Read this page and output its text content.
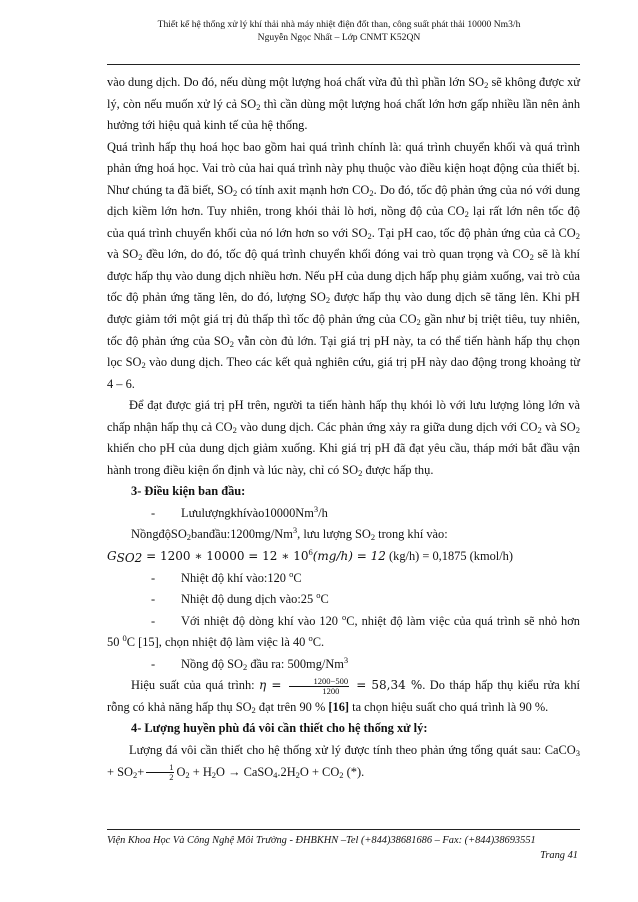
Thiết kế hệ thống xử lý khí thải nhà máy nhiệt điện đốt than, công suất phát thải 10000 Nm3/h
Nguyễn Ngọc Nhất – Lớp CNMT K52QN

vào dung dịch. Do đó, nếu dùng một lượng hoá chất vừa đủ thì phần lớn $SO_2$ sẽ không được xử lý, còn nếu muốn xử lý cả $SO_2$ thì cần dùng một lượng hoá chất lớn hơn gấp nhiều lần nên ảnh hưởng tới hiệu quả kinh tế của hệ thống.

Quá trình hấp thụ hoá học bao gồm hai quá trình chính là: quá trình chuyển khối và quá trình phản ứng hoá học. Vai trò của hai quá trình này phụ thuộc vào điều kiện hoạt động của thiết bị. Như chúng ta đã biết, $SO_2$ có tính axit mạnh hơn $CO_2$. Do đó, tốc độ phản ứng của nó với dung dịch kiềm lớn hơn. Tuy nhiên, trong khói thải lò hơi, nồng độ của $CO_2$ lại rất lớn nên tốc độ của quá trình chuyển khối của nó lớn hơn so với $SO_2$. Tại pH cao, tốc độ phản ứng của cả $CO_2$ và $SO_2$ đều lớn, do đó, tốc độ quá trình chuyển khối đóng vai trò quan trọng và $CO_2$ sẽ là khí được hấp thụ vào dung dịch nhiều hơn. Nếu pH của dung dịch hấp phụ giảm xuống, vai trò của tốc độ phản ứng tăng lên, do đó, lượng $SO_2$ được hấp thụ vào dung dịch sẽ tăng lên. Khi pH được giảm tới một giá trị đủ thấp thì tốc độ phản ứng của $CO_2$ gần như bị triệt tiêu, tuy nhiên, tốc độ phản ứng của $SO_2$ vẫn còn đủ lớn. Tại giá trị pH này, ta có thể tiến hành hấp thụ chọn lọc $SO_2$ vào dung dịch. Theo các kết quả nghiên cứu, giá trị pH này dao động trong khoảng từ 4 – 6.

Để đạt được giá trị pH trên, người ta tiến hành hấp thụ khói lò với lưu lượng lỏng lớn và chấp nhận hấp thụ cả $CO_2$ vào dung dịch. Các phản ứng xảy ra giữa dung dịch với $CO_2$ và $SO_2$ khiến cho pH của dung dịch giảm xuống. Khi giá trị pH đã đạt yêu cầu, tháp mới bắt đầu vận hành trong điều kiện ổn định và lúc này, chỉ có $SO_2$ được hấp thụ.

3- Điều kiện ban đầu:

- Lưulượngkhívào10000Nm$^3$/h

$NồngđộSO_2banđầu:1200mg/Nm^3$, lưu lượng $SO_2$ trong khí vào:

$G_{SO2} = 1200$ ∗ 10000 = 12 ∗ $10^6(mg/h) = 12$ (kg/h) = 0,1875 (kmol/h)

- Nhiệt độ khí vào:120 $^o$C

- Nhiệt độ dung dịch vào:25 $^o$C

- Với nhiệt độ dòng khí vào 120 $^o$C, nhiệt độ làm việc của quá trình sẽ nhỏ hơn 50 $^0$C [15], chọn nhiệt độ làm việc là 40 $^o$C.

- Nồng độ $SO_2$ đầu ra: 500mg/Nm$^3$

Hiệu suất của quá trình: $\eta = \frac{1200-500}{1200} = 58,34$ %. Do tháp hấp thụ kiểu rửa khí rỗng có khả năng hấp thụ $SO_2$ đạt trên 90 % [16] ta chọn hiệu suất cho quá trình là 90 %.

4- Lượng huyền phù đá vôi cần thiết cho hệ thống xử lý:

Lượng đá vôi cần thiết cho hệ thống xử lý được tính theo phản ứng tổng quát sau: CaCO$_3$ + $SO_2+ \frac{1}{2} O_2 + H_2O$ → $CaSO_4.2H_2O + CO_2$ (*).

Viện Khoa Học Và Công Nghệ Môi Trường - ĐHBKHN –Tel (+844)38681686 – Fax: (+844)38693551
Trang 41
